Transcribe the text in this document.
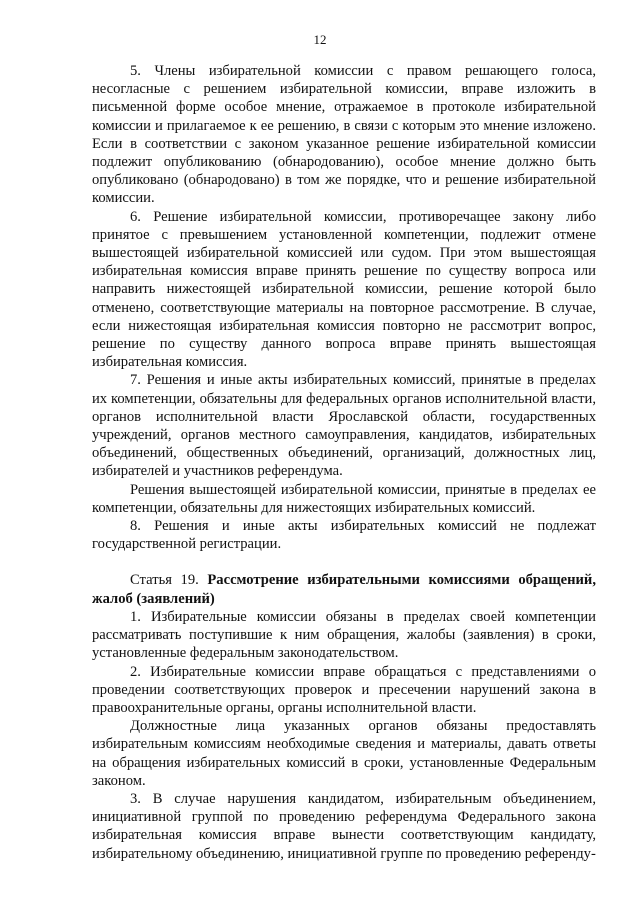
12

5. Члены избирательной комиссии с правом решающего голоса, несогласные с решением избирательной комиссии, вправе изложить в письменной форме особое мнение, отражаемое в протоколе избирательной комиссии и прилагаемое к ее решению, в связи с которым это мнение изложено. Если в соответствии с законом указанное решение избирательной комиссии подлежит опубликованию (обнародованию), особое мнение должно быть опубликовано (обнародовано) в том же порядке, что и решение избирательной комиссии.

6. Решение избирательной комиссии, противоречащее закону либо принятое с превышением установленной компетенции, подлежит отмене вышестоящей избирательной комиссией или судом. При этом вышестоящая избирательная комиссия вправе принять решение по существу вопроса или направить нижестоящей избирательной комиссии, решение которой было отменено, соответствующие материалы на повторное рассмотрение. В случае, если нижестоящая избирательная комиссия повторно не рассмотрит вопрос, решение по существу данного вопроса вправе принять вышестоящая избирательная комиссия.

7. Решения и иные акты избирательных комиссий, принятые в пределах их компетенции, обязательны для федеральных органов исполнительной власти, органов исполнительной власти Ярославской области, государственных учреждений, органов местного самоуправления, кандидатов, избирательных объединений, общественных объединений, организаций, должностных лиц, избирателей и участников референдума.

Решения вышестоящей избирательной комиссии, принятые в пределах ее компетенции, обязательны для нижестоящих избирательных комиссий.

8. Решения и иные акты избирательных комиссий не подлежат государственной регистрации.

Статья 19. Рассмотрение избирательными комиссиями обращений, жалоб (заявлений)

1. Избирательные комиссии обязаны в пределах своей компетенции рассматривать поступившие к ним обращения, жалобы (заявления) в сроки, установленные федеральным законодательством.

2. Избирательные комиссии вправе обращаться с представлениями о проведении соответствующих проверок и пресечении нарушений закона в правоохранительные органы, органы исполнительной власти.

Должностные лица указанных органов обязаны предоставлять избирательным комиссиям необходимые сведения и материалы, давать ответы на обращения избирательных комиссий в сроки, установленные Федеральным законом.

3. В случае нарушения кандидатом, избирательным объединением, инициативной группой по проведению референдума Федерального закона избирательная комиссия вправе вынести соответствующим кандидату, избирательному объединению, инициативной группе по проведению референду-
